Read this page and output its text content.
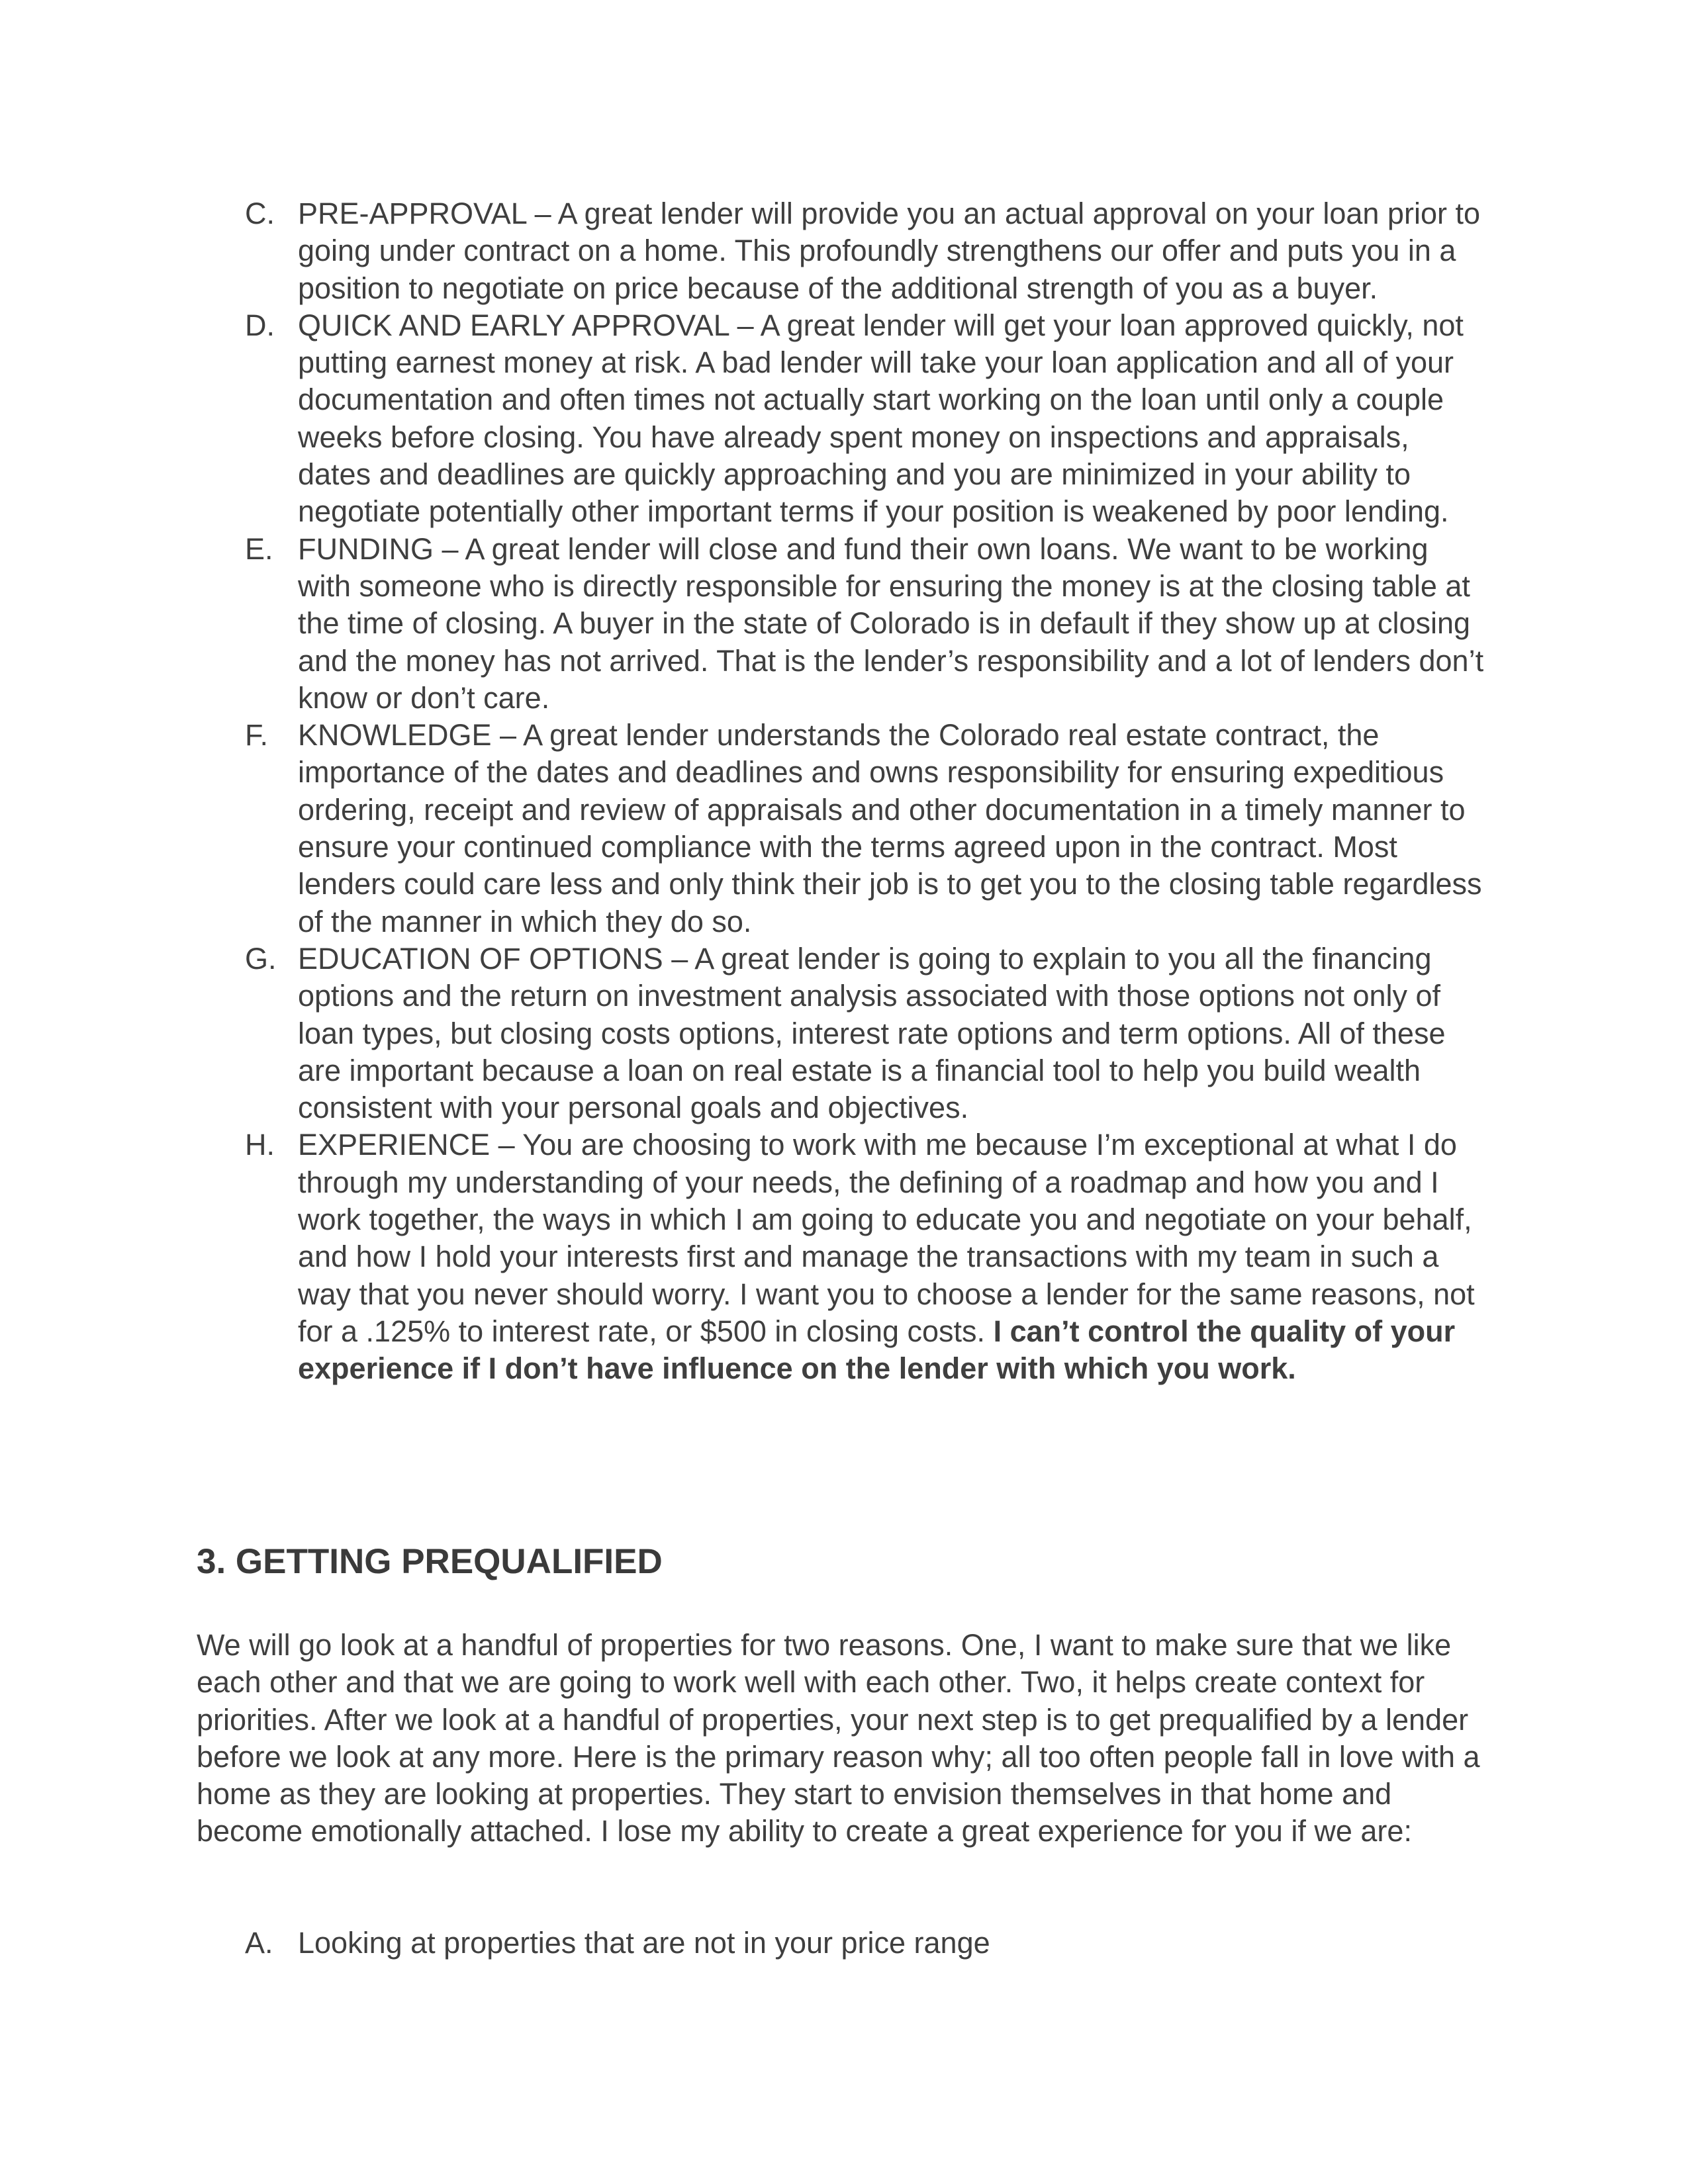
C. PRE-APPROVAL – A great lender will provide you an actual approval on your loan prior to going under contract on a home. This profoundly strengthens our offer and puts you in a position to negotiate on price because of the additional strength of you as a buyer.
D. QUICK AND EARLY APPROVAL – A great lender will get your loan approved quickly, not putting earnest money at risk. A bad lender will take your loan application and all of your documentation and often times not actually start working on the loan until only a couple weeks before closing. You have already spent money on inspections and appraisals, dates and deadlines are quickly approaching and you are minimized in your ability to negotiate potentially other important terms if your position is weakened by poor lending.
E. FUNDING – A great lender will close and fund their own loans. We want to be working with someone who is directly responsible for ensuring the money is at the closing table at the time of closing. A buyer in the state of Colorado is in default if they show up at closing and the money has not arrived. That is the lender’s responsibility and a lot of lenders don’t know or don’t care.
F. KNOWLEDGE – A great lender understands the Colorado real estate contract, the importance of the dates and deadlines and owns responsibility for ensuring expeditious ordering, receipt and review of appraisals and other documentation in a timely manner to ensure your continued compliance with the terms agreed upon in the contract. Most lenders could care less and only think their job is to get you to the closing table regardless of the manner in which they do so.
G. EDUCATION OF OPTIONS – A great lender is going to explain to you all the financing options and the return on investment analysis associated with those options not only of loan types, but closing costs options, interest rate options and term options. All of these are important because a loan on real estate is a financial tool to help you build wealth consistent with your personal goals and objectives.
H. EXPERIENCE – You are choosing to work with me because I’m exceptional at what I do through my understanding of your needs, the defining of a roadmap and how you and I work together, the ways in which I am going to educate you and negotiate on your behalf, and how I hold your interests first and manage the transactions with my team in such a way that you never should worry. I want you to choose a lender for the same reasons, not for a .125% to interest rate, or $500 in closing costs. I can’t control the quality of your experience if I don’t have influence on the lender with which you work.
3. GETTING PREQUALIFIED

We will go look at a handful of properties for two reasons. One, I want to make sure that we like each other and that we are going to work well with each other. Two, it helps create context for priorities. After we look at a handful of properties, your next step is to get prequalified by a lender before we look at any more. Here is the primary reason why; all too often people fall in love with a home as they are looking at properties. They start to envision themselves in that home and become emotionally attached. I lose my ability to create a great experience for you if we are:

A. Looking at properties that are not in your price range
